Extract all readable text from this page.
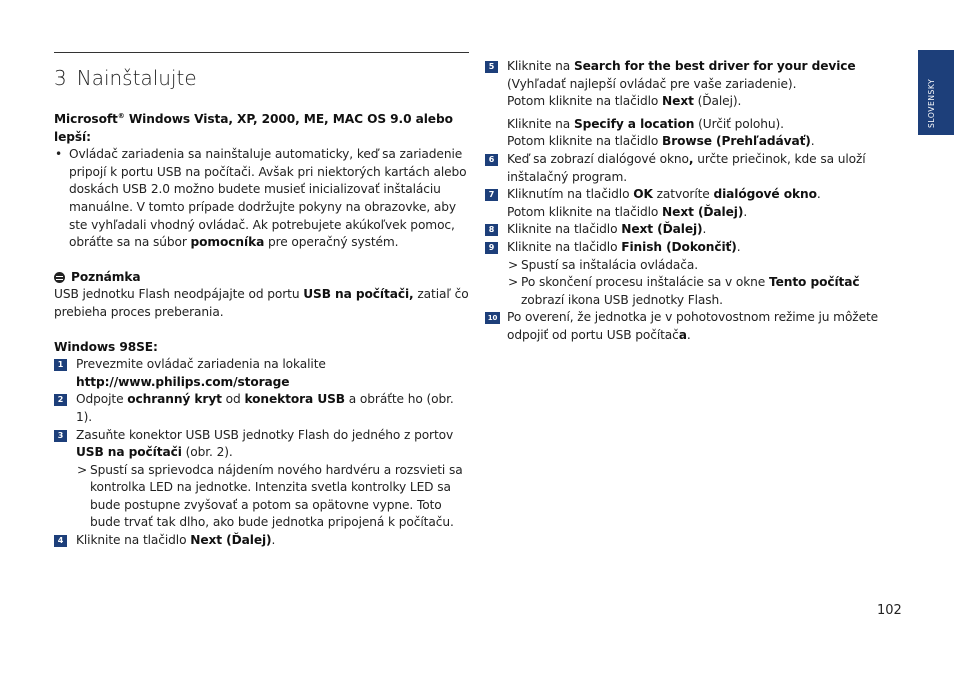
3 Nainštalujte
Microsoft® Windows Vista, XP, 2000, ME, MAC OS 9.0 alebo lepší:
• Ovládač zariadenia sa nainštaluje automaticky, keď sa zariadenie pripojí k portu USB na počítači. Avšak pri niektorých kartách alebo doskách USB 2.0 možno budete musieť inicializovať inštaláciu manuálne. V tomto prípade dodržujte pokyny na obrazovke, aby ste vyhľadali vhodný ovládač. Ak potrebujete akúkoľvek pomoc, obráťte sa na súbor pomocníka pre operačný systém.
Poznámka
USB jednotku Flash neodpájajte od portu USB na počítači, zatiaľ čo prebieha proces preberania.
Windows 98SE:
1	Prevezmite ovládač zariadenia na lokalite http://www.philips.com/storage
2	Odpojte ochranný kryt od konektora USB a obráťte ho (obr. 1).
3	Zasuňte konektor USB USB jednotky Flash do jedného z portov USB na počítači (obr. 2).
> Spustí sa sprievodca nájdením nového hardvéru a rozsvieti sa kontrolka LED na jednotke. Intenzita svetla kontrolky LED sa bude postupne zvyšovať a potom sa opätovne vypne. Toto bude trvať tak dlho, ako bude jednotka pripojená k počítaču.
4	Kliknite na tlačidlo Next (Ďalej).
5	Kliknite na Search for the best driver for your device (Vyhľadať najlepší ovládač pre vaše zariadenie).
Potom kliknite na tlačidlo Next (Ďalej).
Kliknite na Specify a location (Určiť polohu).
Potom kliknite na tlačidlo Browse (Prehľadávať).
6	Keď sa zobrazí dialógové okno, určte priečinok, kde sa uloží inštalačný program.
7	Kliknutím na tlačidlo OK zatvoríte dialógové okno.
Potom kliknite na tlačidlo Next (Ďalej).
8	Kliknite na tlačidlo Next (Ďalej).
9	Kliknite na tlačidlo Finish (Dokončiť).
> Spustí sa inštalácia ovládača.
> Po skončení procesu inštalácie sa v okne Tento počítač zobrazí ikona USB jednotky Flash.
10 Po overení, že jednotka je v pohotovostnom režime ju môžete odpojiť od portu USB počítača.
SLOVENSKY
102
